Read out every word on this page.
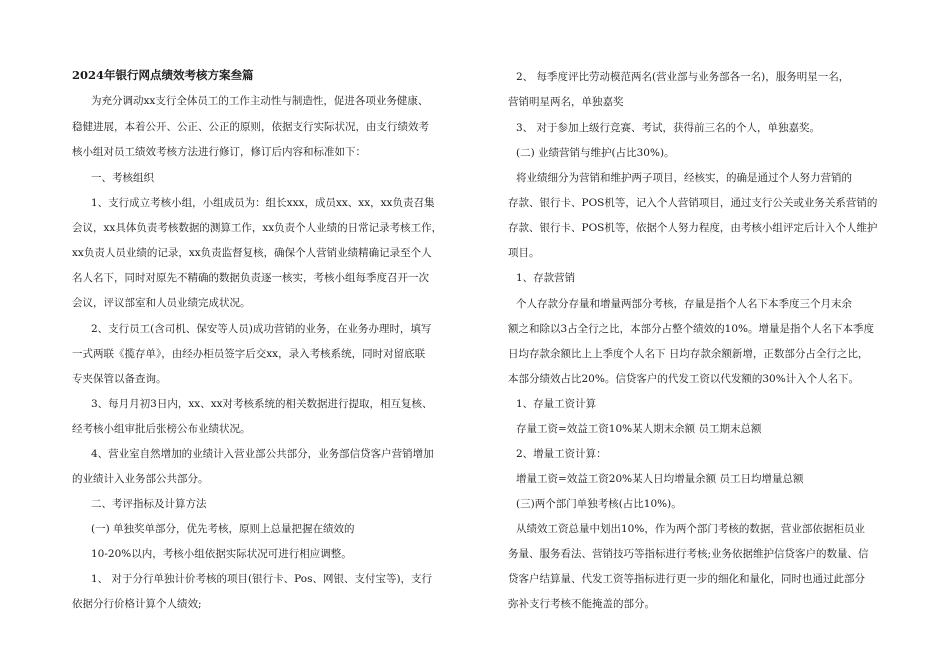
2024年银行网点绩效考核方案叁篇
为充分调动xx支行全体员工的工作主动性与制造性，促进各项业务健康、
稳健进展，本着公开、公正、公正的原则，依据支行实际状况，由支行绩效考
核小组对员工绩效考核方法进行修订，修订后内容和标准如下：
一、考核组织
1、支行成立考核小组，小组成员为：组长xxx，成员xx、xx，xx负责召集
会议，xx具体负责考核数据的测算工作，xx负责个人业绩的日常记录考核工作，
xx负责人员业绩的记录，xx负责监督复核，确保个人营销业绩精确记录至个人
名人名下，同时对原先不精确的数据负责逐一核实，考核小组每季度召开一次
会议，评议部室和人员业绩完成状况。
2、支行员工(含司机、保安等人员)成功营销的业务，在业务办理时，填写
一式两联《揽存单》，由经办柜员签字后交xx，录入考核系统，同时对留底联
专夹保管以备查询。
3、每月月初3日内，xx、xx对考核系统的相关数据进行提取，相互复核、
经考核小组审批后张榜公布业绩状况。
4、营业室自然增加的业绩计入营业部公共部分，业务部信贷客户营销增加
的业绩计入业务部公共部分。
二、考评指标及计算方法
(一) 单独奖单部分，优先考核，原则上总量把握在绩效的
10-20%以内，考核小组依据实际状况可进行相应调整。
1、 对于分行单独计价考核的项目(银行卡、Pos、网银、支付宝等)，支行
依据分行价格计算个人绩效;
2、 每季度评比劳动模范两名(营业部与业务部各一名)，服务明星一名，
营销明星两名，单独嘉奖
3、 对于参加上级行竞赛、考试，获得前三名的个人，单独嘉奖。
(二) 业绩营销与维护(占比30%)。
将业绩细分为营销和维护两子项目，经核实，的确是通过个人努力营销的
存款、银行卡、POS机等，记入个人营销项目，通过支行公关或业务关系营销的
存款、银行卡、POS机等，依据个人努力程度，由考核小组评定后计入个人维护
项目。
1、存款营销
个人存款分存量和增量两部分考核，存量是指个人名下本季度三个月末余
额之和除以3占全行之比，本部分占整个绩效的10%。增量是指个人名下本季度
日均存款余额比上上季度个人名下 日均存款余额新增，正数部分占全行之比，
本部分绩效占比20%。信贷客户的代发工资以代发额的30%计入个人名下。
1、存量工资计算
存量工资=效益工资10%某人期末余额 员工期末总额
2、增量工资计算：
增量工资=效益工资20%某人日均增量余额 员工日均增量总额
(三)两个部门单独考核(占比10%)。
从绩效工资总量中划出10%，作为两个部门考核的数据，营业部依据柜员业
务量、服务看法、营销技巧等指标进行考核;业务依据维护信贷客户的数量、信
贷客户结算量、代发工资等指标进行更一步的细化和量化，同时也通过此部分
弥补支行考核不能掩盖的部分。
